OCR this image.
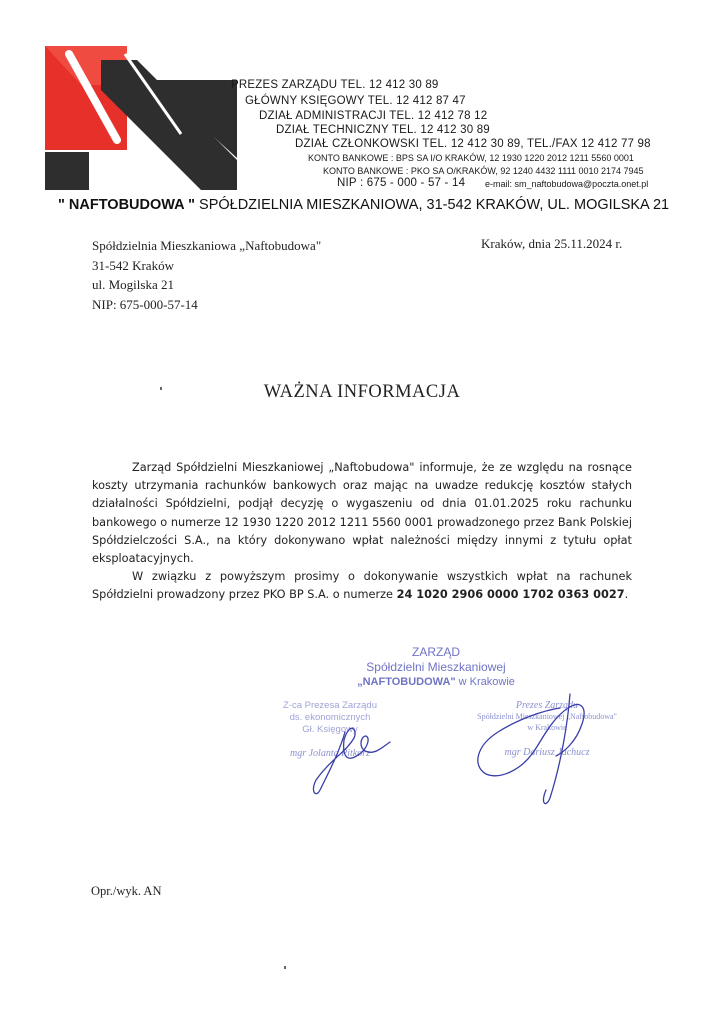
PREZES ZARZĄDU TEL. 12 412 30 89
GŁÓWNY KSIĘGOWY TEL. 12 412 87 47
DZIAŁ ADMINISTRACJI TEL. 12 412 78 12
DZIAŁ TECHNICZNY TEL. 12 412 30 89
DZIAŁ CZŁONKOWSKI TEL. 12 412 30 89, TEL./FAX 12 412 77 98
KONTO BANKOWE : BPS SA I/O KRAKÓW, 12 1930 1220 2012 1211 5560 0001
KONTO BANKOWE : PKO SA O/KRAKÓW, 92 1240 4432 1111 0010 2174 7945
NIP : 675 - 000 - 57 - 14 e-mail: sm_naftobudowa@poczta.onet.pl
" NAFTOBUDOWA " SPÓŁDZIELNIA MIESZKANIOWA, 31-542 KRAKÓW, UL. MOGILSKA 21
Spółdzielnia Mieszkaniowa „Naftobudowa"
31-542 Kraków
ul. Mogilska 21
NIP: 675-000-57-14
Kraków, dnia 25.11.2024 r.
WAŻNA INFORMACJA

Zarząd Spółdzielni Mieszkaniowej „Naftobudowa" informuje, że ze względu na rosnące koszty utrzymania rachunków bankowych oraz mając na uwadze redukcję kosztów stałych działalności Spółdzielni, podjął decyzję o wygaszeniu od dnia 01.01.2025 roku rachunku bankowego o numerze 12 1930 1220 2012 1211 5560 0001 prowadzonego przez Bank Polskiej Spółdzielczości S.A., na który dokonywano wpłat należności między innymi z tytułu opłat eksploatacyjnych.

W związku z powyższym prosimy o dokonywanie wszystkich wpłat na rachunek Spółdzielni prowadzony przez PKO BP S.A. o numerze 24 1020 2906 0000 1702 0363 0027.

ZARZĄD
Spółdzielni Mieszkaniowej
„NAFTOBUDOWA" w Krakowie
Z-ca Prezesa Zarządu
ds. ekonomicznych
Gł. Księgowy
mgr Jolanta Pitkorz
Prezes Zarządu
Spółdzielni Mieszkaniowej „Naftobudowa"
w Krakowie
mgr Dariusz Jachucz
Opr./wyk. AN
